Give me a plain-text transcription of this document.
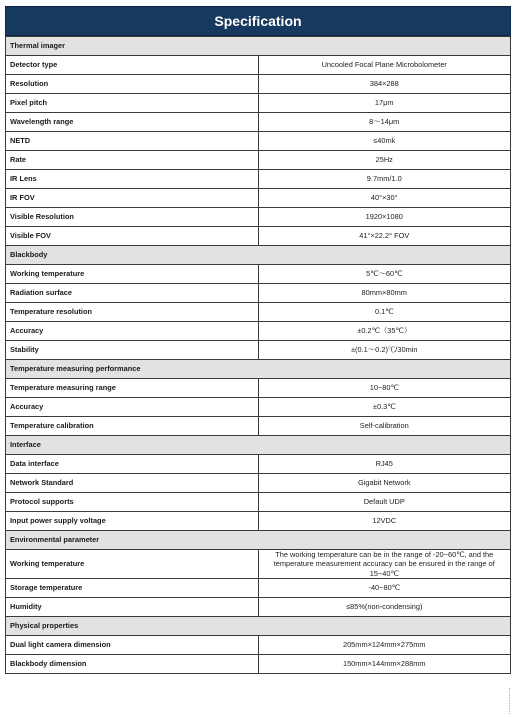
Specification
Thermal imager	
Detector type	Uncooled Focal Plane Microbolometer
Resolution	384×288
Pixel pitch	17μm
Wavelength range	8～14μm
NETD	≤40mk
Rate	25Hz
IR Lens	9.7mm/1.0
IR FOV	40°×30°
Visible Resolution	1920×1080
Visible FOV	41°×22.2° FOV
Blackbody	
Working temperature	5℃～60℃
Radiation surface	80mm×80mm
Temperature resolution	0.1℃
Accuracy	±0.2℃（35℃）
Stability	±(0.1～0.2)℃/30min
Temperature measuring performance	
Temperature measuring range	10~80℃
Accuracy	±0.3℃
Temperature calibration	Self-calibration
Interface	
Data interface	RJ45
Network Standard	Gigabit Network
Protocol supports	Default UDP
Input power supply voltage	12VDC
Environmental parameter	
Working temperature	The working temperature can be in the range of -20~60℃, and the temperature measurement accuracy can be ensured in the range of 15~40℃
Storage temperature	-40~80℃
Humidity	≤85%(non-condensing)
Physical properties	
Dual light camera dimension	205mm×124mm×275mm
Blackbody dimension	150mm×144mm×288mm
